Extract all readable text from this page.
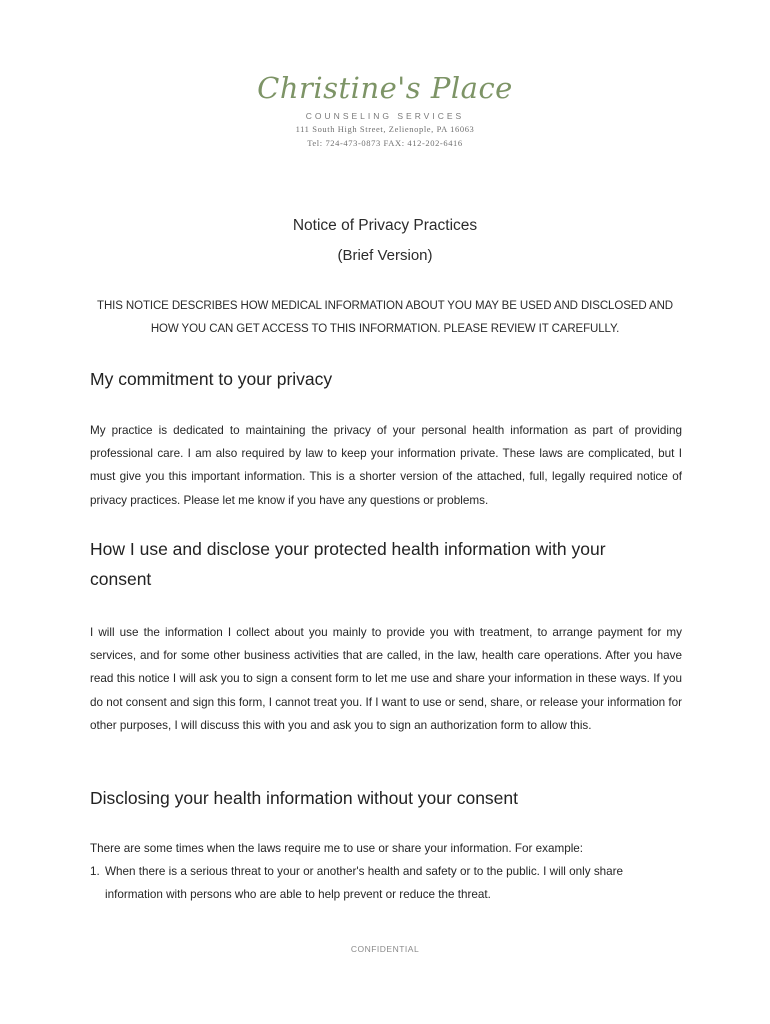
Christine's Place
COUNSELING SERVICES
111 South High Street, Zelienople, PA 16063
Tel: 724-473-0873 FAX: 412-202-6416
Notice of Privacy Practices
(Brief Version)
THIS NOTICE DESCRIBES HOW MEDICAL INFORMATION ABOUT YOU MAY BE USED AND DISCLOSED AND HOW YOU CAN GET ACCESS TO THIS INFORMATION. PLEASE REVIEW IT CAREFULLY.
My commitment to your privacy
My practice is dedicated to maintaining the privacy of your personal health information as part of providing professional care. I am also required by law to keep your information private. These laws are complicated, but I must give you this important information. This is a shorter version of the attached, full, legally required notice of privacy practices. Please let me know if you have any questions or problems.
How I use and disclose your protected health information with your consent
I will use the information I collect about you mainly to provide you with treatment, to arrange payment for my services, and for some other business activities that are called, in the law, health care operations. After you have read this notice I will ask you to sign a consent form to let me use and share your information in these ways. If you do not consent and sign this form, I cannot treat you. If I want to use or send, share, or release your information for other purposes, I will discuss this with you and ask you to sign an authorization form to allow this.
Disclosing your health information without your consent
There are some times when the laws require me to use or share your information. For example:
1. When there is a serious threat to your or another's health and safety or to the public. I will only share information with persons who are able to help prevent or reduce the threat.
CONFIDENTIAL
